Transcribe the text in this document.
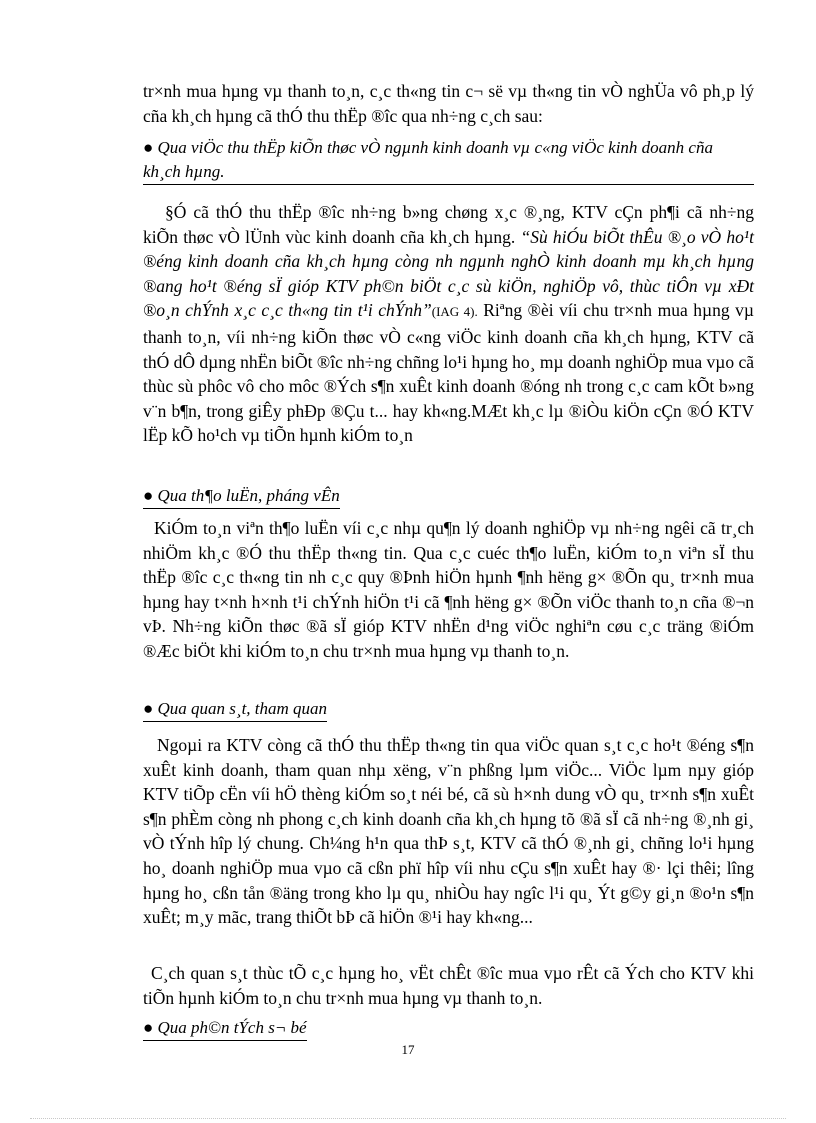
tr×nh mua hµng vµ thanh to¸n, c¸c th«ng tin c¬ së vµ th«ng tin vÒ nghÜa vô ph¸p lý cña kh¸ch hµng cã thÓ thu thËp ®îc qua nh÷ng c¸ch sau:

● Qua viÖc thu thËp kiÕn thøc vÒ ngµnh kinh doanh vµ c«ng viÖc kinh doanh cña kh¸ch hµng.

§Ó cã thÓ thu thËp ®îc nh÷ng b»ng chøng x¸c ®¸ng, KTV cÇn ph¶i cã nh÷ng kiÕn thøc vÒ lÜnh vùc kinh doanh cña kh¸ch hµng. “Sù hiÓu biÕt thÊu ®¸o vÒ ho¹t ®éng kinh doanh cña kh¸ch hµng còng nh ngµnh nghÒ kinh doanh mµ kh¸ch hµng ®ang ho¹t ®éng sÏ gióp KTV ph©n biÖt c¸c sù kiÖn, nghiÖp vô, thùc tiÔn vµ xÐt ®o¸n chÝnh x¸c c¸c th«ng tin t¹i chÝnh”(IAG 4). Riªng ®èi víi chu tr×nh mua hµng vµ thanh to¸n, víi nh÷ng kiÕn thøc vÒ c«ng viÖc kinh doanh cña kh¸ch hµng, KTV cã thÓ dÔ dµng nhËn biÕt ®îc nh÷ng chñng lo¹i hµng ho¸ mµ doanh nghiÖp mua vµo cã thùc sù phôc vô cho môc ®Ých s¶n xuÊt kinh doanh ®óng nh trong c¸c cam kÕt b»ng v¨n b¶n, trong giÊy phÐp ®Çu t... hay kh«ng.MÆt kh¸c lµ ®iÒu kiÖn cÇn ®Ó KTV lËp kÕ ho¹ch vµ tiÕn hµnh kiÓm to¸n

● Qua th¶o luËn, pháng vÊn

KiÓm to¸n viªn th¶o luËn víi c¸c nhµ qu¶n lý doanh nghiÖp vµ nh÷ng ngêi cã tr¸ch nhiÖm kh¸c ®Ó thu thËp th«ng tin. Qua c¸c cuéc th¶o luËn, kiÓm to¸n viªn sÏ thu thËp ®îc c¸c th«ng tin nh c¸c quy ®Þnh hiÖn hµnh ¶nh hëng g× ®Õn qu¸ tr×nh mua hµng hay t×nh h×nh t¹i chÝnh hiÖn t¹i cã ¶nh hëng g× ®Õn viÖc thanh to¸n cña ®¬n vÞ. Nh÷ng kiÕn thøc ®ã sÏ gióp KTV nhËn d¹ng viÖc nghiªn cøu c¸c träng ®iÓm ®Æc biÖt khi kiÓm to¸n chu tr×nh mua hµng vµ thanh to¸n.

● Qua quan s¸t, tham quan

Ngoµi ra KTV còng cã thÓ thu thËp th«ng tin qua viÖc quan s¸t c¸c ho¹t ®éng s¶n xuÊt kinh doanh, tham quan nhµ xëng, v¨n phßng lµm viÖc... ViÖc lµm nµy gióp KTV tiÕp cËn víi hÖ thèng kiÓm so¸t néi bé, cã sù h×nh dung vÒ qu¸ tr×nh s¶n xuÊt s¶n phÈm còng nh phong c¸ch kinh doanh cña kh¸ch hµng tõ ®ã sÏ cã nh÷ng ®¸nh gi¸ vÒ tÝnh hîp lý chung. Ch¼ng h¹n qua thÞ s¸t, KTV cã thÓ ®¸nh gi¸ chñng lo¹i hµng ho¸ doanh nghiÖp mua vµo cã cßn phï hîp víi nhu cÇu s¶n xuÊt hay ®· lçi thêi; lîng hµng ho¸ cßn tån ®äng trong kho lµ qu¸ nhiÒu hay ngîc l¹i qu¸ Ýt g©y gi¸n ®o¹n s¶n xuÊt; m¸y mãc, trang thiÕt bÞ cã hiÖn ®¹i hay kh«ng...

C¸ch quan s¸t thùc tÕ c¸c hµng ho¸ vËt chÊt ®îc mua vµo rÊt cã Ých cho KTV khi tiÕn hµnh kiÓm to¸n chu tr×nh mua hµng vµ thanh to¸n.

● Qua ph©n tÝch s¬ bé
17
